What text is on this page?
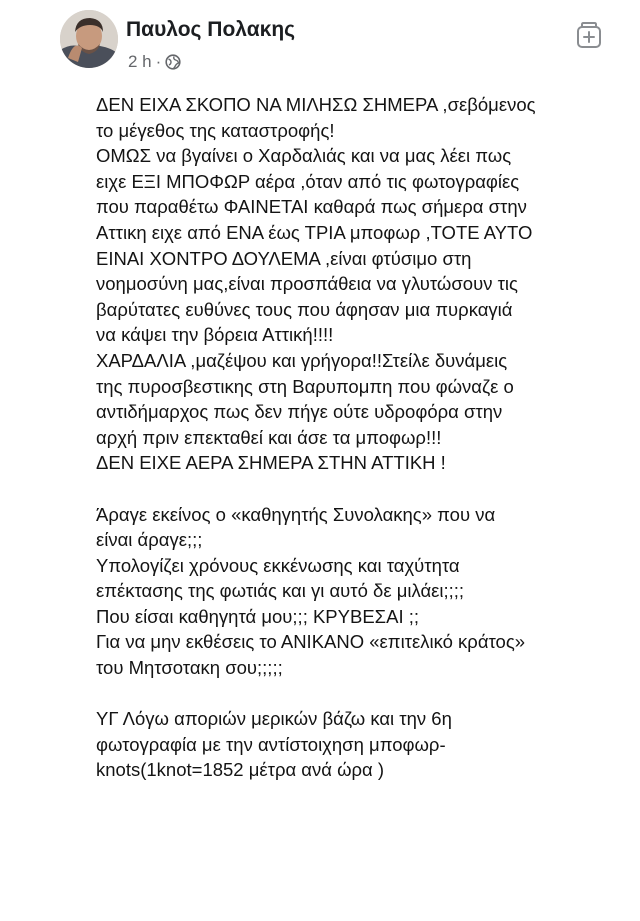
Παυλος Πολακης
2 h ·
ΔΕΝ ΕΙΧΑ ΣΚΟΠΟ ΝΑ ΜΙΛΗΣΩ ΣΗΜΕΡΑ ,σεβόμενος
το μέγεθος της καταστροφής!
ΟΜΩΣ να βγαίνει ο Χαρδαλιάς και να μας λέει πως
ειχε ΕΞΙ ΜΠΟΦΩΡ αέρα ,όταν από τις φωτογραφίες
που παραθέτω ΦΑΙΝΕΤΑΙ καθαρά πως σήμερα στην
Αττικη ειχε από ΕΝΑ έως ΤΡΙΑ μποφωρ ,ΤΟΤΕ ΑΥΤΟ
ΕΙΝΑΙ ΧΟΝΤΡΟ ΔΟΥΛΕΜΑ ,είναι φτύσιμο στη
νοημοσύνη μας,είναι προσπάθεια να γλυτώσουν τις
βαρύτατες ευθύνες τους που άφησαν μια πυρκαγιά
να κάψει την βόρεια Αττική!!!!
ΧΑΡΔΑΛΙΑ ,μαζέψου και γρήγορα!!Στείλε δυνάμεις
της πυροσβεστικης στη Βαρυπομπη που φώναζε ο
αντιδήμαρχος πως δεν πήγε ούτε υδροφόρα στην
αρχή πριν επεκταθεί και άσε τα μποφωρ!!!
ΔΕΝ ΕΙΧΕ ΑΕΡΑ ΣΗΜΕΡΑ ΣΤΗΝ ΑΤΤΙΚΗ !
Άραγε εκείνος ο «καθηγητής Συνολακης» που να
είναι άραγε;;;
Υπολογίζει χρόνους εκκένωσης και ταχύτητα
επέκτασης της φωτιάς και γι αυτό δε μιλάει;;;;
Που είσαι καθηγητά μου;;; ΚΡΥΒΕΣΑΙ ;;
Για να μην εκθέσεις το ΑΝΙΚΑΝΟ «επιτελικό κράτος»
του Μητσοτακη σου;;;;;
ΥΓ Λόγω αποριών μερικών βάζω και την 6η
φωτογραφία με την αντίστοιχηση μποφωρ-
knots(1knot=1852 μέτρα ανά ώρα )
